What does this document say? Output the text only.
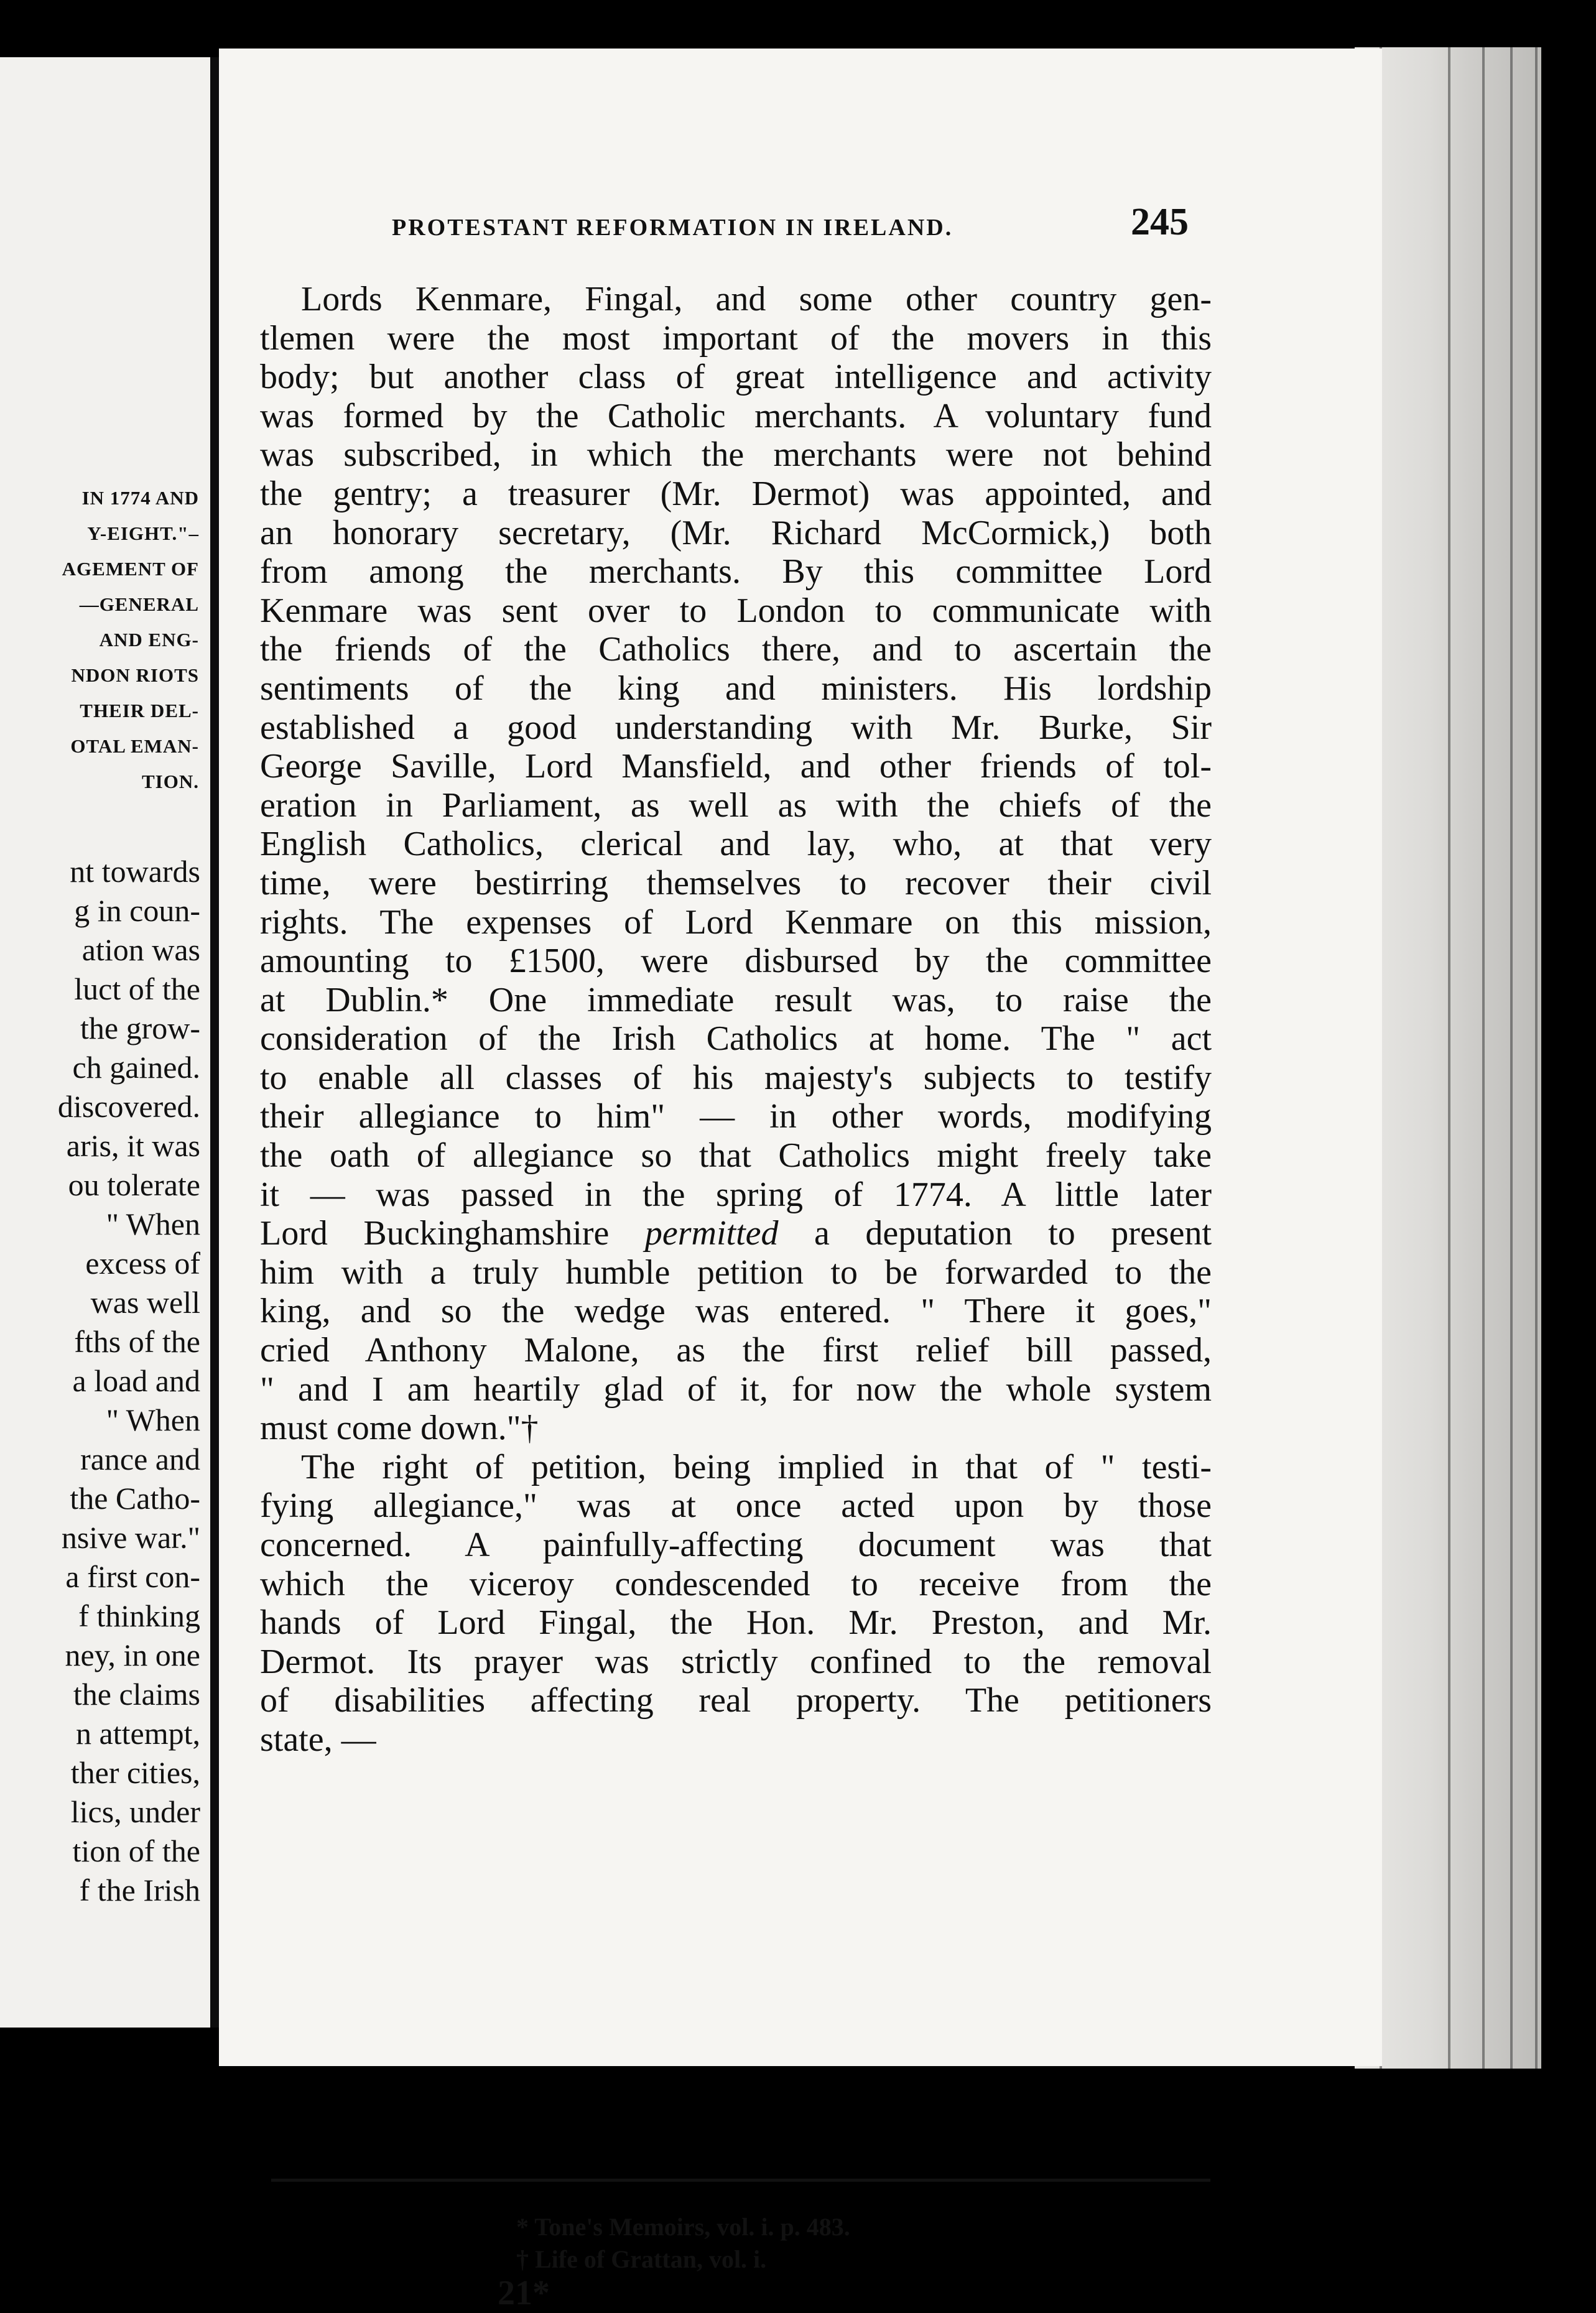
IN 1774 AND
Y-EIGHT."–
AGEMENT OF
—GENERAL
AND ENG-
NDON RIOTS
THEIR DEL-
OTAL EMAN-
TION.
nt towards
g in coun-
ation was
luct of the
the grow-
ch gained.
discovered.
aris, it was
ou tolerate
" When
excess of
was well
fths of the
a load and
" When
rance and
the Catho-
nsive war."
a first con-
f thinking
ney, in one
the claims
n attempt,
ther cities,
lics, under
tion of the
f the Irish
PROTESTANT REFORMATION IN IRELAND.	245
Lords Kenmare, Fingal, and some other country gen-
tlemen were the most important of the movers in this
body; but another class of great intelligence and activity
was formed by the Catholic merchants. A voluntary fund
was subscribed, in which the merchants were not behind
the gentry; a treasurer (Mr. Dermot) was appointed, and
an honorary secretary, (Mr. Richard McCormick,) both
from among the merchants. By this committee Lord
Kenmare was sent over to London to communicate with
the friends of the Catholics there, and to ascertain the
sentiments of the king and ministers. His lordship
established a good understanding with Mr. Burke, Sir
George Saville, Lord Mansfield, and other friends of tol-
eration in Parliament, as well as with the chiefs of the
English Catholics, clerical and lay, who, at that very
time, were bestirring themselves to recover their civil
rights. The expenses of Lord Kenmare on this mission,
amounting to £1500, were disbursed by the committee
at Dublin.* One immediate result was, to raise the
consideration of the Irish Catholics at home. The " act
to enable all classes of his majesty's subjects to testify
their allegiance to him" — in other words, modifying
the oath of allegiance so that Catholics might freely take
it — was passed in the spring of 1774. A little later
Lord Buckinghamshire permitted a deputation to present
him with a truly humble petition to be forwarded to the
king, and so the wedge was entered. " There it goes,"
cried Anthony Malone, as the first relief bill passed,
" and I am heartily glad of it, for now the whole system
must come down."†
The right of petition, being implied in that of " testi-
fying allegiance," was at once acted upon by those
concerned. A painfully-affecting document was that
which the viceroy condescended to receive from the
hands of Lord Fingal, the Hon. Mr. Preston, and Mr.
Dermot. Its prayer was strictly confined to the removal
of disabilities affecting real property. The petitioners
state, —
* Tone's Memoirs, vol. i. p. 483.
† Life of Grattan, vol. i.
21*
